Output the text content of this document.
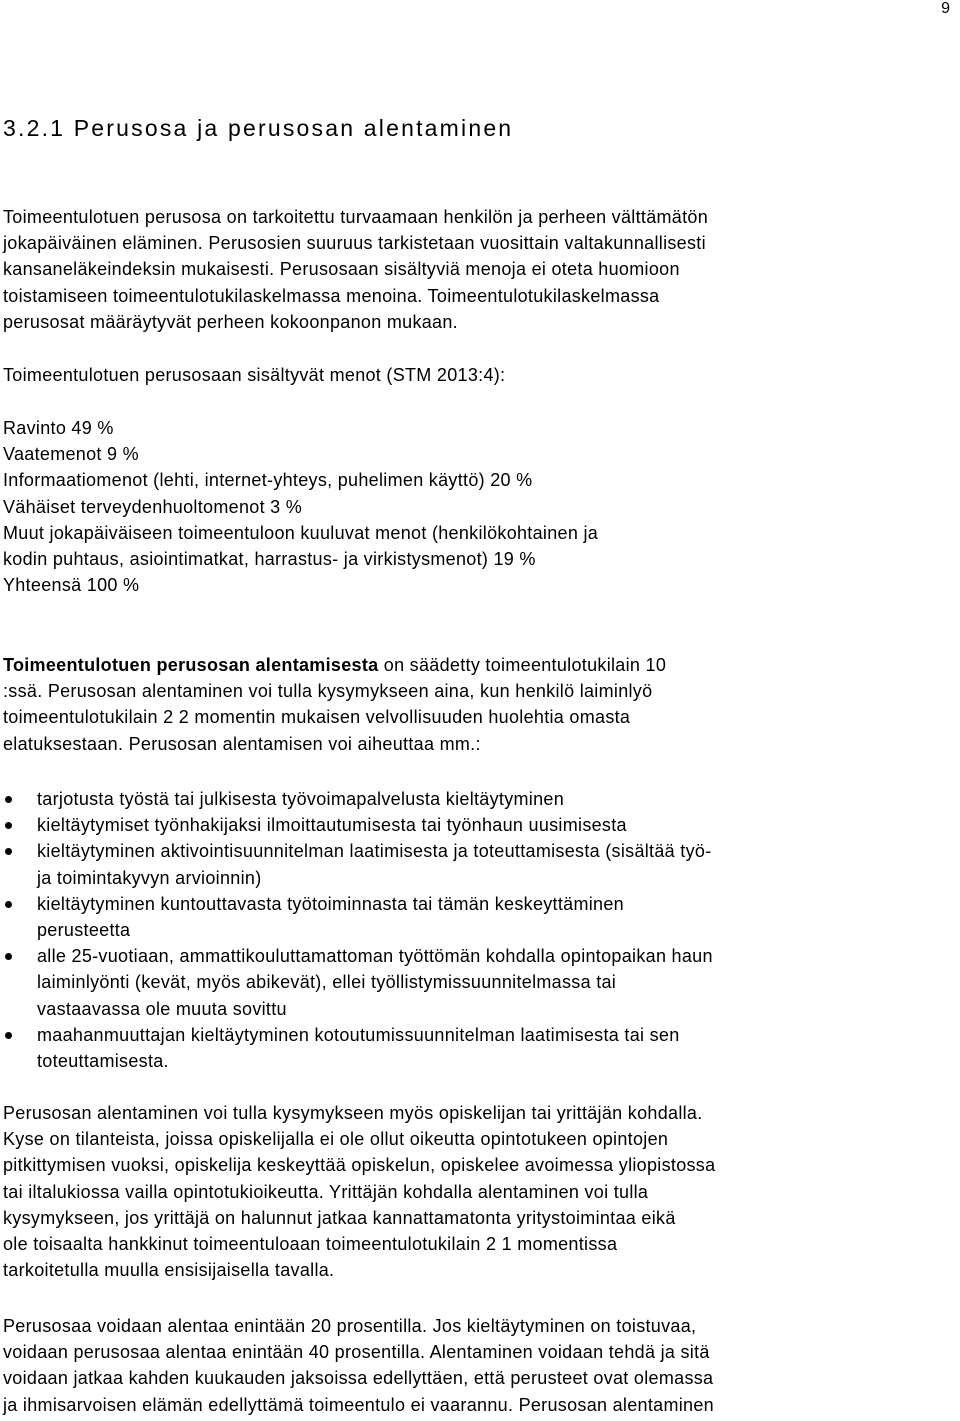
9
3.2.1 Perusosa ja perusosan alentaminen
Toimeentulotuen perusosa on tarkoitettu turvaamaan henkilön ja perheen välttämätön
jokapäiväinen eläminen. Perusosien suuruus tarkistetaan vuosittain valtakunnallisesti
kansaneläkeindeksin mukaisesti. Perusosaan sisältyviä menoja ei oteta huomioon
toistamiseen toimeentulotukilaskelmassa menoina. Toimeentulotukilaskelmassa
perusosat määräytyvät perheen kokoonpanon mukaan.
Toimeentulotuen perusosaan sisältyvät menot (STM 2013:4):
Ravinto 49 %
Vaatemenot 9 %
Informaatiomenot (lehti, internet-yhteys, puhelimen käyttö) 20 %
Vähäiset terveydenhuoltomenot 3 %
Muut jokapäiväiseen toimeentuloon kuuluvat menot (henkilökohtainen ja
kodin puhtaus, asiointimatkat, harrastus- ja virkistysmenot) 19 %
Yhteensä 100 %
Toimeentulotuen perusosan alentamisesta on säädetty toimeentulotukilain 10
:ssä. Perusosan alentaminen voi tulla kysymykseen aina, kun henkilö laiminlyö
toimeentulotukilain 2 2 momentin mukaisen velvollisuuden huolehtia omasta
elatuksestaan. Perusosan alentamisen voi aiheuttaa mm.:
tarjotusta työstä tai julkisesta työvoimapalvelusta kieltäytyminen
kieltäytymiset työnhakijaksi ilmoittautumisesta tai työnhaun uusimisesta
kieltäytyminen aktivointisuunnitelman laatimisesta ja toteuttamisesta (sisältää työ-
ja toimintakyvyn arvioinnin)
kieltäytyminen kuntouttavasta työtoiminnasta tai tämän keskeyttäminen
perusteetta
alle 25-vuotiaan, ammattikouluttamattoman työttömän kohdalla opintopaikan haun
laiminlyönti (kevät, myös abikevät), ellei työllistymissuunnitelmassa tai
vastaavassa ole muuta sovittu
maahanmuuttajan kieltäytyminen kotoutumissuunnitelman laatimisesta tai sen
toteuttamisesta.
Perusosan alentaminen voi tulla kysymykseen myös opiskelijan tai yrittäjän kohdalla.
Kyse on tilanteista, joissa opiskelijalla ei ole ollut oikeutta opintotukeen opintojen
pitkittymisen vuoksi, opiskelija keskeyttää opiskelun, opiskelee avoimessa yliopistossa
tai iltalukiossa vailla opintotukioikeutta. Yrittäjän kohdalla alentaminen voi tulla
kysymykseen, jos yrittäjä on halunnut jatkaa kannattamatonta yritystoimintaa eikä
ole toisaalta hankkinut toimeentuloaan toimeentulotukilain 2 1 momentissa
tarkoitetulla muulla ensisijaisella tavalla.
Perusosaa voidaan alentaa enintään 20 prosentilla. Jos kieltäytyminen on toistuvaa,
voidaan perusosaa alentaa enintään 40 prosentilla. Alentaminen voidaan tehdä ja sitä
voidaan jatkaa kahden kuukauden jaksoissa edellyttäen, että perusteet ovat olemassa
ja ihmisarvoisen elämän edellyttämä toimeentulo ei vaarannu. Perusosan alentaminen
